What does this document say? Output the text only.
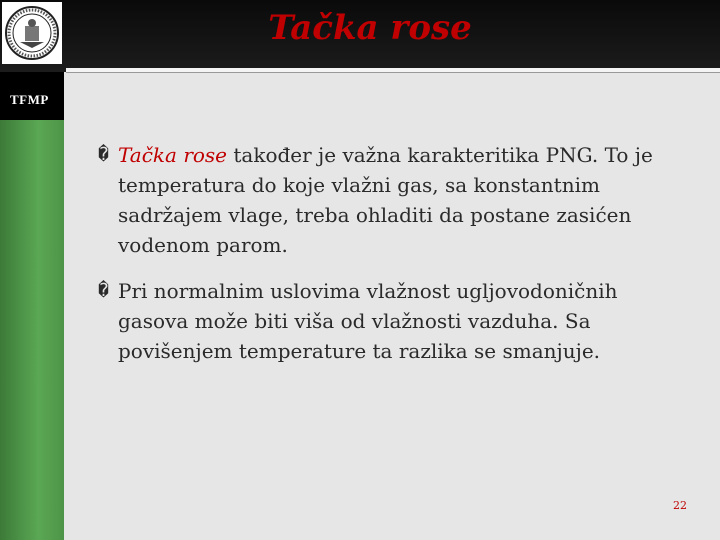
TFMP
Tačka rose

� Tačka rose također je važna karakteritika PNG. To je temperatura do koje vlažni gas, sa konstantnim sadržajem vlage, treba ohladiti da postane zasićen vodenom parom.

� Pri normalnim uslovima vlažnost ugljovodoničnih gasova može biti viša od vlažnosti vazduha. Sa povišenjem temperature ta razlika se smanjuje.

22
